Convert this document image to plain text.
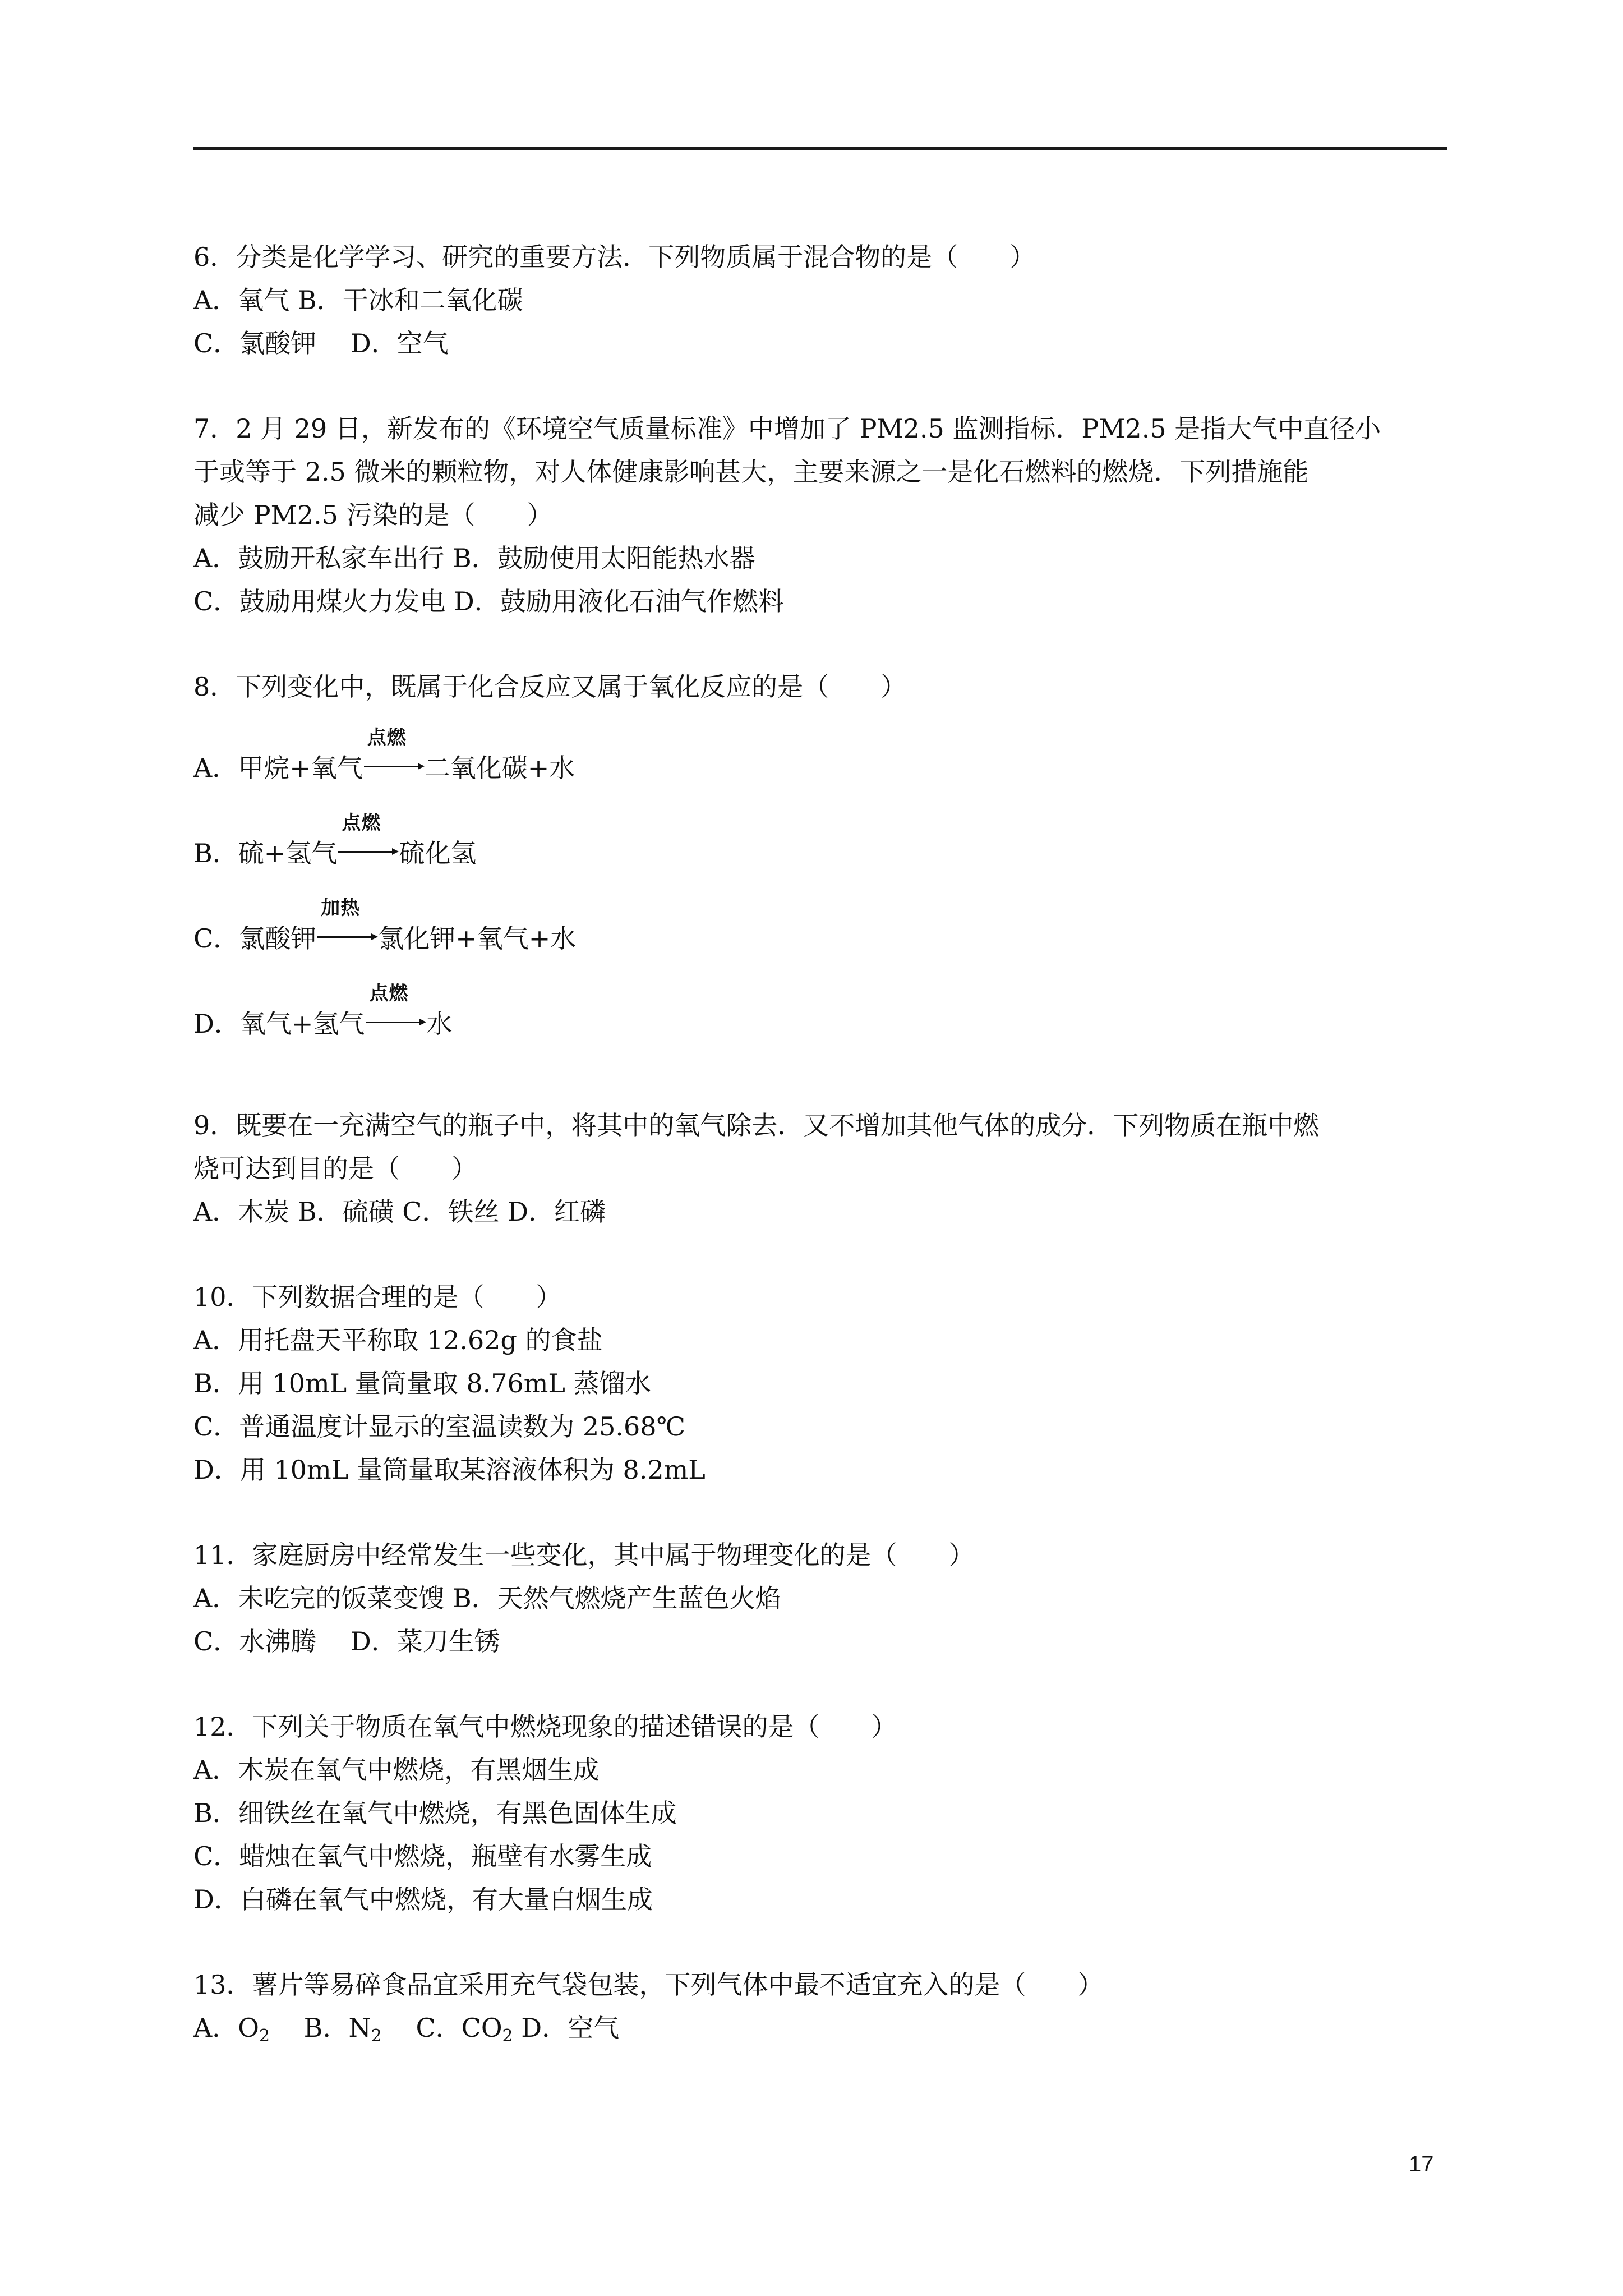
6．分类是化学学习、研究的重要方法．下列物质属于混合物的是（　　）
A．氧气 B．干冰和二氧化碳
C．氯酸钾　 D．空气
7．2 月 29 日，新发布的《环境空气质量标准》中增加了 PM2.5 监测指标．PM2.5 是指大气中直径小
于或等于 2.5 微米的颗粒物，对人体健康影响甚大，主要来源之一是化石燃料的燃烧．下列措施能
减少 PM2.5 污染的是（　　）
A．鼓励开私家车出行 B．鼓励使用太阳能热水器
C．鼓励用煤火力发电 D．鼓励用液化石油气作燃料
8．下列变化中，既属于化合反应又属于氧化反应的是（　　）
A．甲烷+氧气
点燃
二氧化碳+水
B．硫+氢气
点燃
硫化氢
C．氯酸钾
加热
氯化钾+氧气+水
D．氧气+氢气
点燃
水
9．既要在一充满空气的瓶子中，将其中的氧气除去．又不增加其他气体的成分．下列物质在瓶中燃
烧可达到目的是（　　）
A．木炭 B．硫磺 C．铁丝 D．红磷
10．下列数据合理的是（　　）
A．用托盘天平称取 12.62g 的食盐
B．用 10mL 量筒量取 8.76mL 蒸馏水
C．普通温度计显示的室温读数为 25.68℃
D．用 10mL 量筒量取某溶液体积为 8.2mL
11．家庭厨房中经常发生一些变化，其中属于物理变化的是（　　）
A．未吃完的饭菜变馊 B．天然气燃烧产生蓝色火焰
C．水沸腾　 D．菜刀生锈
12．下列关于物质在氧气中燃烧现象的描述错误的是（　　）
A．木炭在氧气中燃烧，有黑烟生成
B．细铁丝在氧气中燃烧，有黑色固体生成
C．蜡烛在氧气中燃烧，瓶壁有水雾生成
D．白磷在氧气中燃烧，有大量白烟生成
13．薯片等易碎食品宜采用充气袋包装，下列气体中最不适宜充入的是（　　）
A．$O_2$ 　B．$N_2$ 　C．$CO_2$ D．空气
17
